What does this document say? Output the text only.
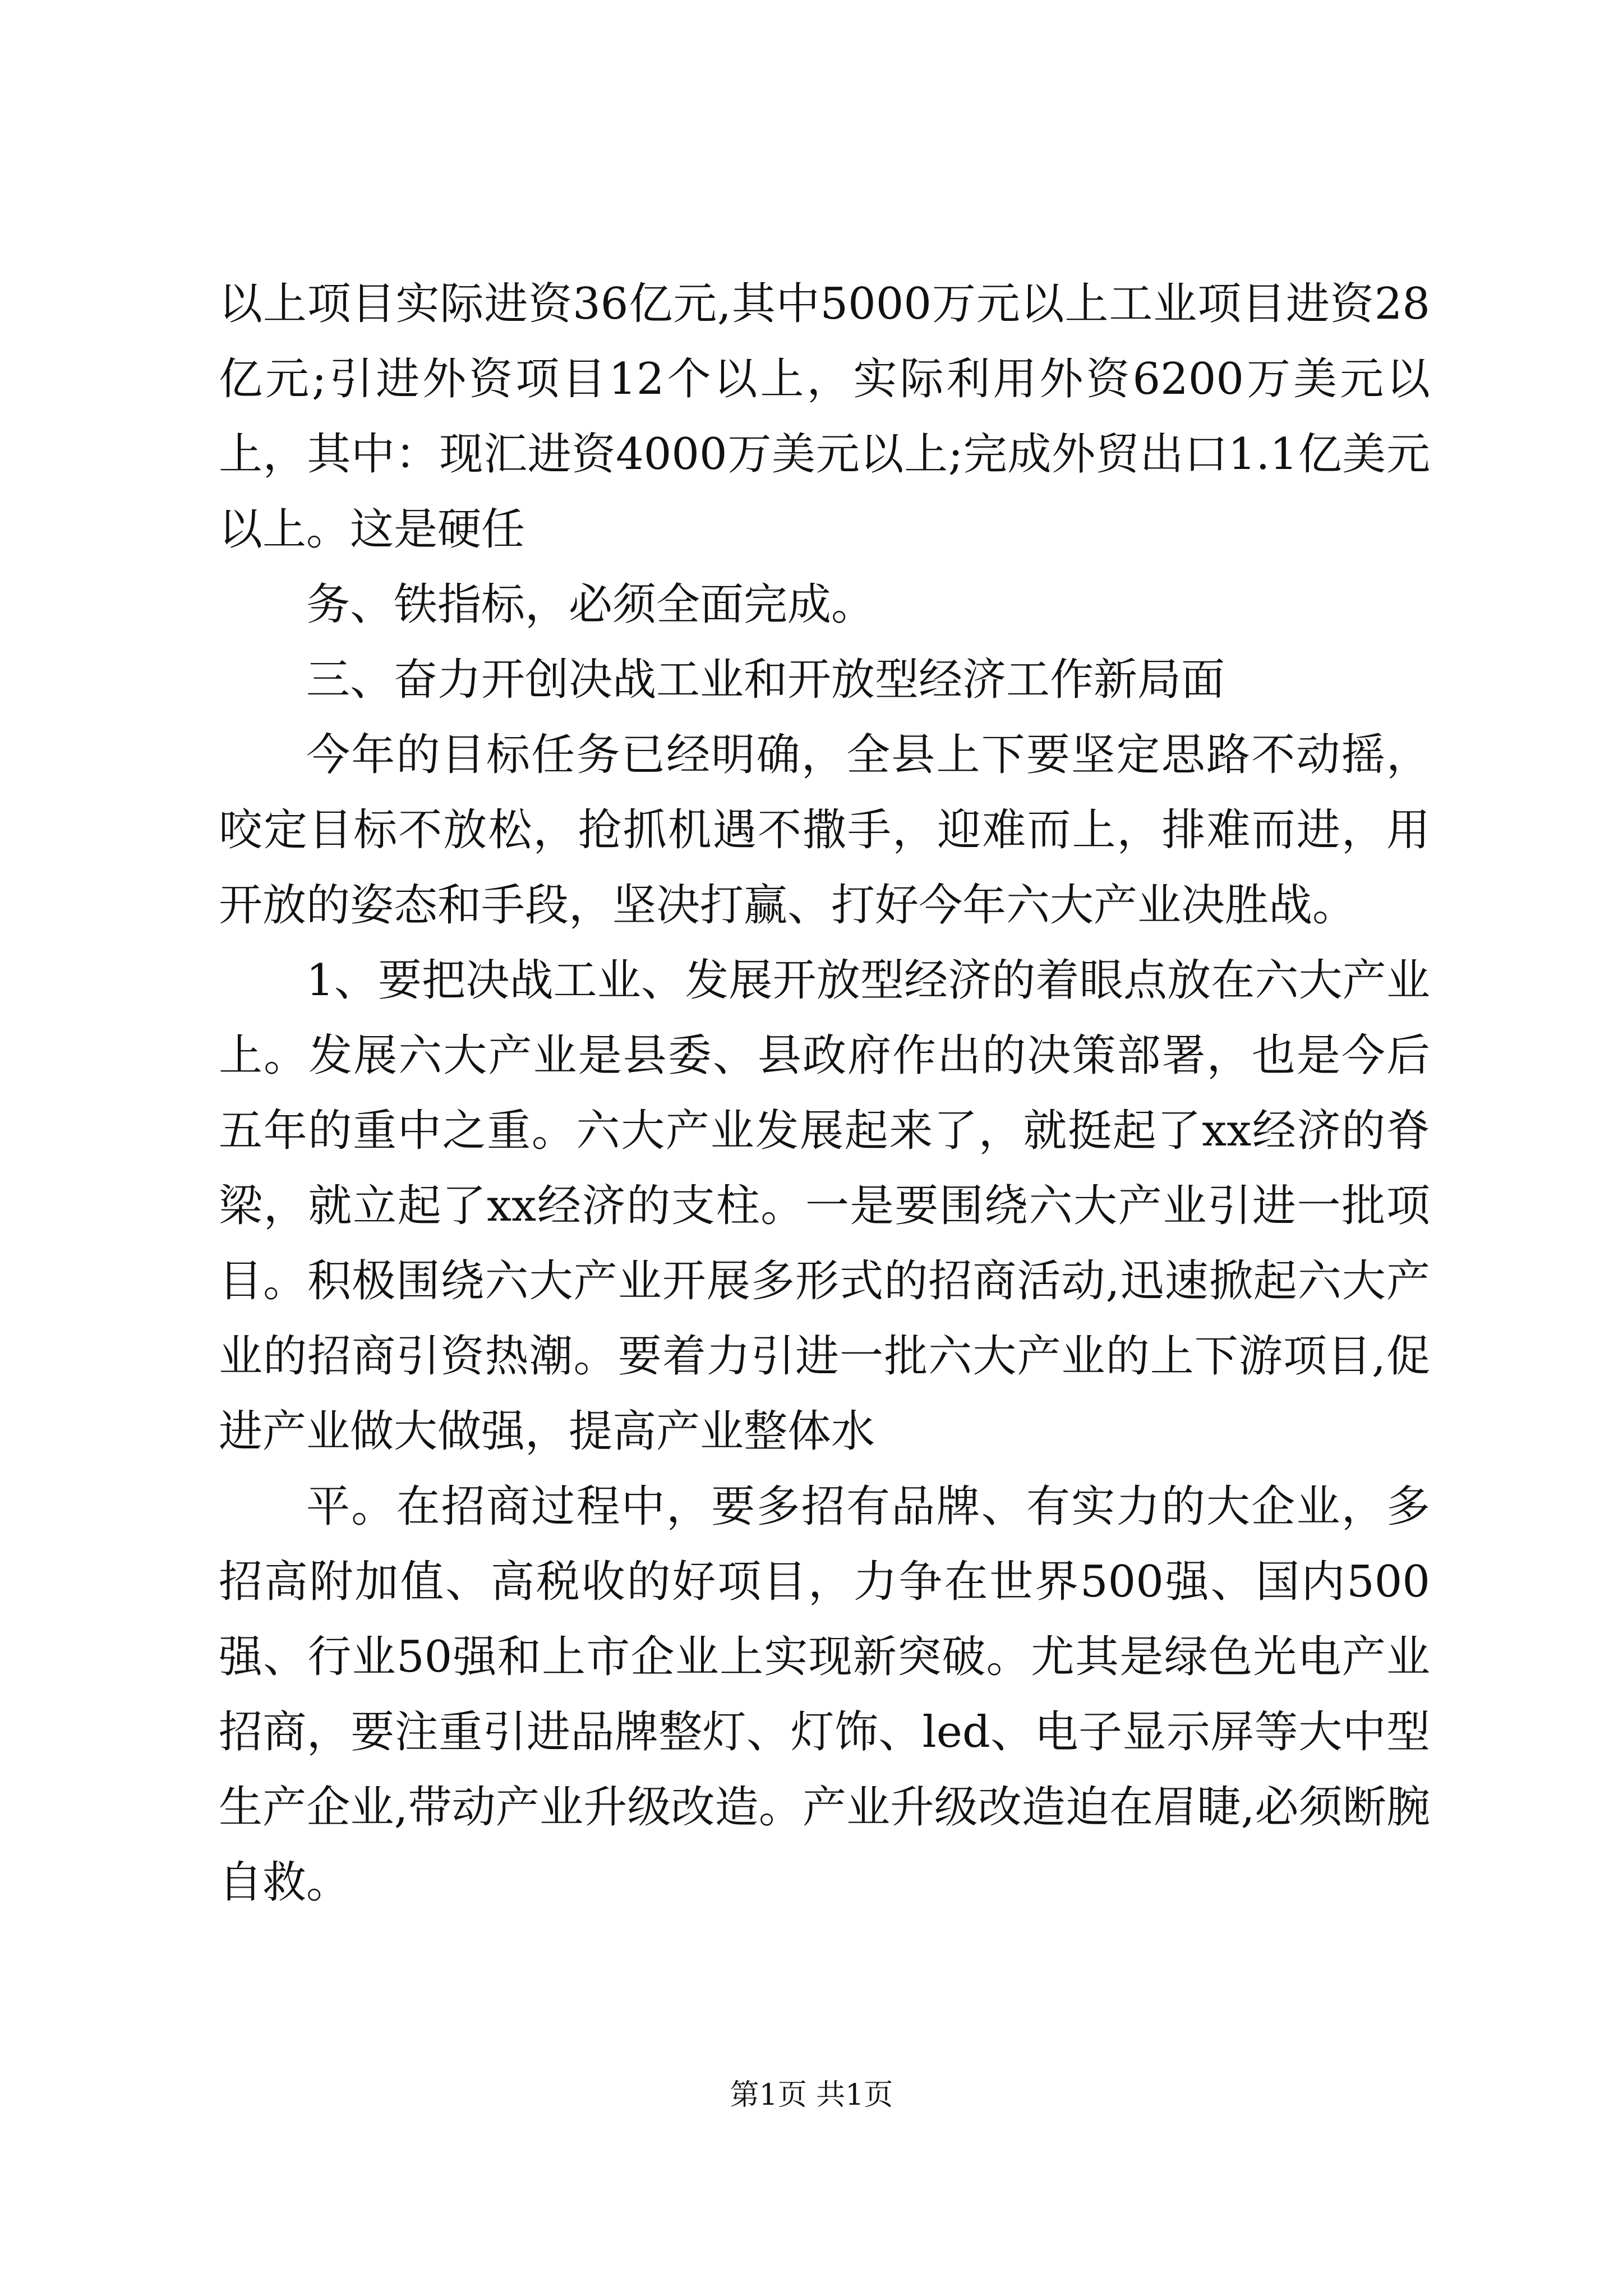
以上项目实际进资36亿元,其中5000万元以上工业项目进资28亿元;引进外资项目12个以上，实际利用外资6200万美元以上，其中：现汇进资4000万美元以上;完成外贸出口1.1亿美元以上。这是硬任

务、铁指标，必须全面完成。

三、奋力开创决战工业和开放型经济工作新局面

今年的目标任务已经明确，全县上下要坚定思路不动摇，咬定目标不放松，抢抓机遇不撒手，迎难而上，排难而进，用开放的姿态和手段，坚决打赢、打好今年六大产业决胜战。

1、要把决战工业、发展开放型经济的着眼点放在六大产业上。发展六大产业是县委、县政府作出的决策部署，也是今后五年的重中之重。六大产业发展起来了，就挺起了xx经济的脊梁，就立起了xx经济的支柱。一是要围绕六大产业引进一批项目。积极围绕六大产业开展多形式的招商活动,迅速掀起六大产业的招商引资热潮。要着力引进一批六大产业的上下游项目,促进产业做大做强，提高产业整体水

平。在招商过程中，要多招有品牌、有实力的大企业，多招高附加值、高税收的好项目，力争在世界500强、国内500强、行业50强和上市企业上实现新突破。尤其是绿色光电产业招商，要注重引进品牌整灯、灯饰、led、电子显示屏等大中型生产企业,带动产业升级改造。产业升级改造迫在眉睫,必须断腕自救。

第1页 共1页
